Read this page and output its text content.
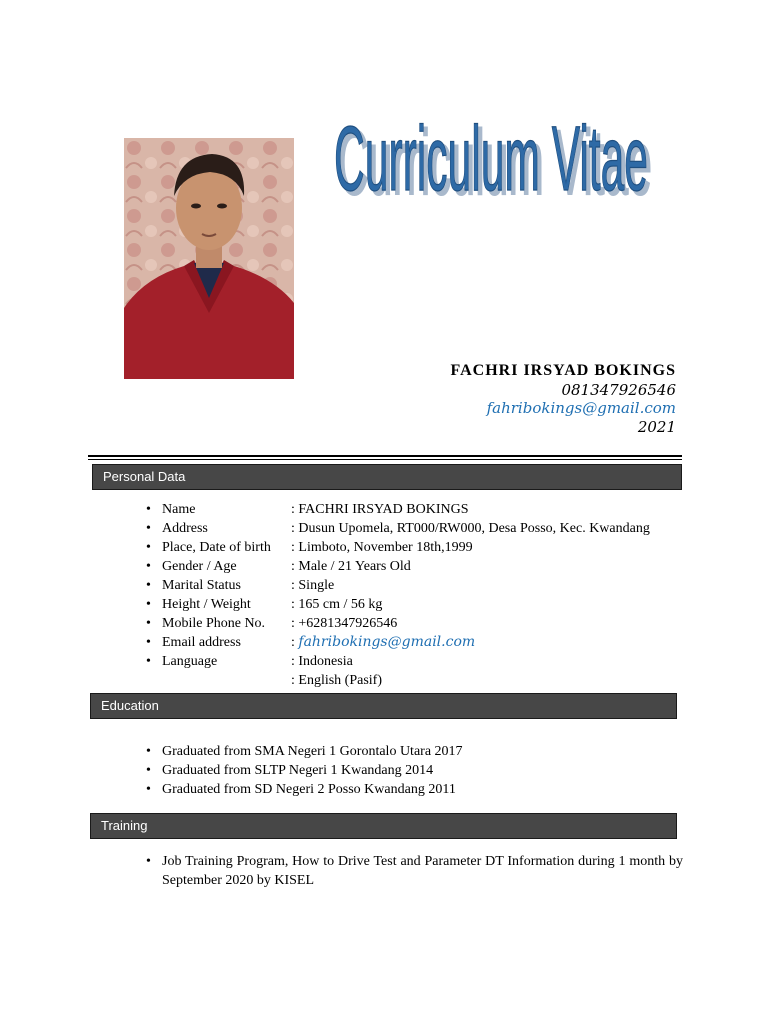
Curriculum Vitae
Curriculum Vitae
FACHRI IRSYAD BOKINGS
081347926546
fahribokings@gmail.com
2021
Personal Data
• Name	: FACHRI IRSYAD BOKINGS
• Address	: Dusun Upomela, RT000/RW000, Desa Posso, Kec. Kwandang
• Place, Date of birth	: Limboto, November 18th,1999
• Gender / Age	: Male / 21 Years Old
• Marital Status	: Single
• Height / Weight	: 165 cm / 56 kg
• Mobile Phone No.	: +6281347926546
• Email address	: fahribokings@gmail.com
• Language	: Indonesia
: English (Pasif)
Education
• Graduated from SMA Negeri 1 Gorontalo Utara 2017
• Graduated from SLTP Negeri 1 Kwandang 2014
• Graduated from SD Negeri 2 Posso Kwandang 2011
Training
• Job Training Program, How to Drive Test and Parameter DT Information during 1 month by September 2020 by KISEL
